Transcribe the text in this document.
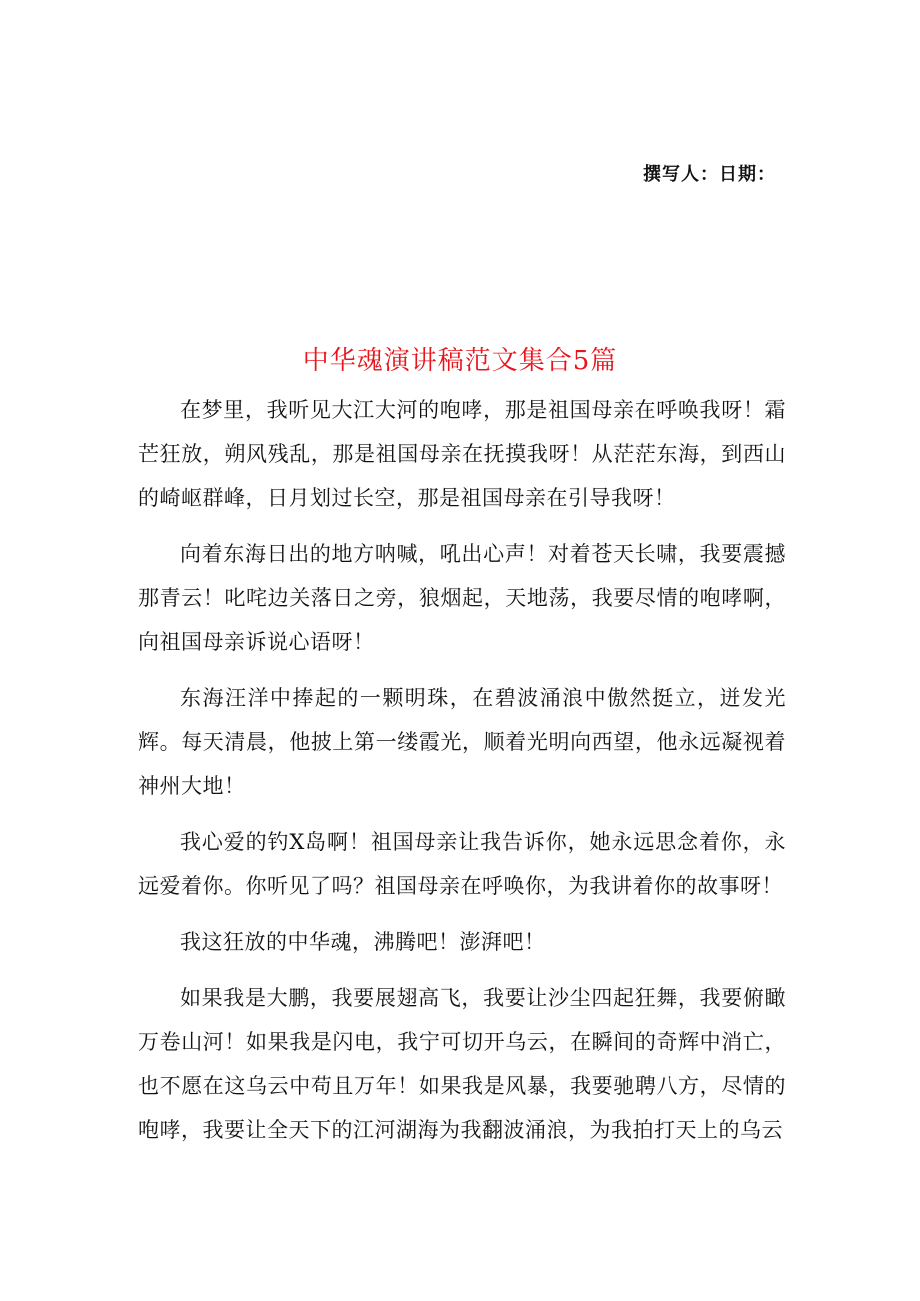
撰写人：日期：
中华魂演讲稿范文集合5篇

在梦里，我听见大江大河的咆哮，那是祖国母亲在呼唤我呀！霜芒狂放，朔风残乱，那是祖国母亲在抚摸我呀！从茫茫东海，到西山的崎岖群峰，日月划过长空，那是祖国母亲在引导我呀！

向着东海日出的地方呐喊，吼出心声！对着苍天长啸，我要震撼那青云！叱咤边关落日之旁，狼烟起，天地荡，我要尽情的咆哮啊，向祖国母亲诉说心语呀！

东海汪洋中捧起的一颗明珠，在碧波涌浪中傲然挺立，迸发光辉。每天清晨，他披上第一缕霞光，顺着光明向西望，他永远凝视着神州大地！

我心爱的钓X岛啊！祖国母亲让我告诉你，她永远思念着你，永远爱着你。你听见了吗？祖国母亲在呼唤你，为我讲着你的故事呀！

我这狂放的中华魂，沸腾吧！澎湃吧！

如果我是大鹏，我要展翅高飞，我要让沙尘四起狂舞，我要俯瞰万卷山河！如果我是闪电，我宁可切开乌云，在瞬间的奇辉中消亡，也不愿在这乌云中苟且万年！如果我是风暴，我要驰聘八方，尽情的咆哮，我要让全天下的江河湖海为我翻波涌浪，为我拍打天上的乌云
